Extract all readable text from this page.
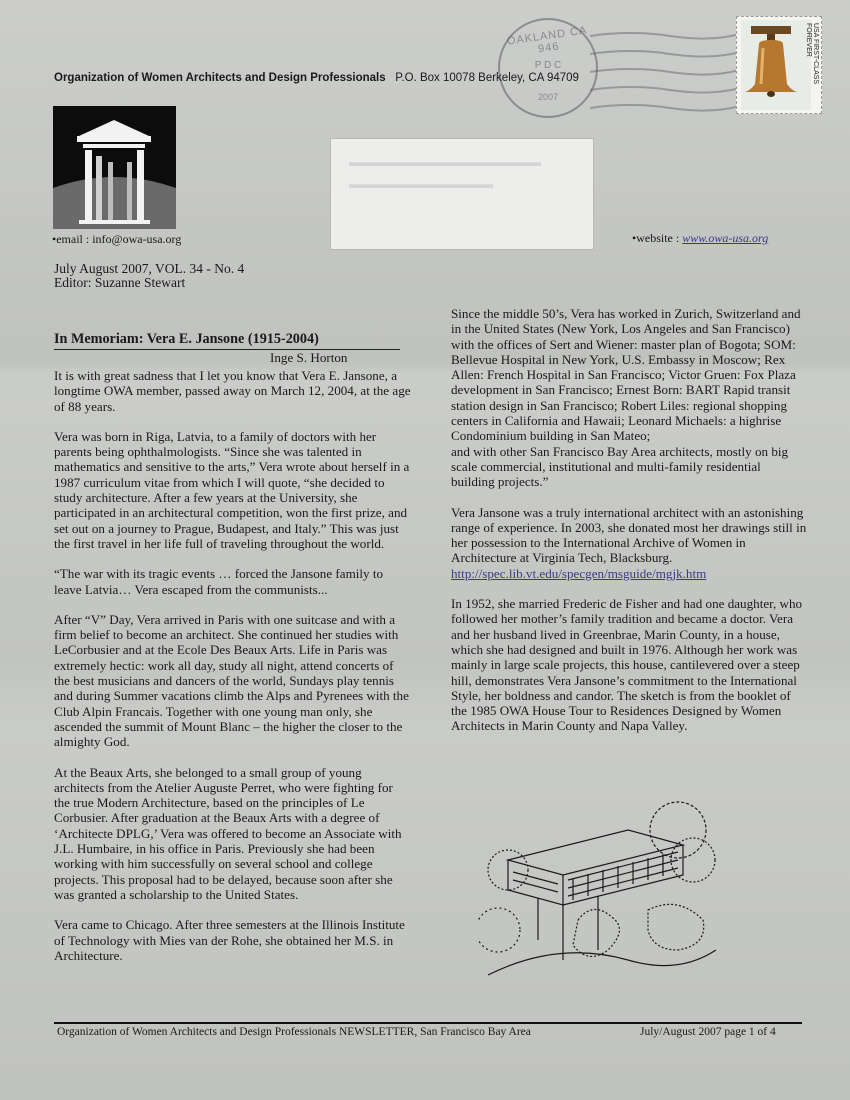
OAKLAND CA 946
P D C
2007
USA FIRST-CLASS FOREVER
Organization of Women Architects and Design Professionals P.O. Box 10078 Berkeley, CA 94709
•email : info@owa-usa.org	•website : www.owa-usa.org
▬▬▬▬▬▬▬▬▬▬▬▬▬▬▬▬
▬▬▬▬▬▬▬▬▬▬▬▬
July August 2007, VOL. 34 - No. 4
Editor: Suzanne Stewart
In Memoriam: Vera E. Jansone (1915-2004)
Inge S. Horton

It is with great sadness that I let you know that Vera E. Jansone, a longtime OWA member, passed away on March 12, 2004, at the age of 88 years.

Vera was born in Riga, Latvia, to a family of doctors with her parents being ophthalmologists. “Since she was talented in mathematics and sensitive to the arts,” Vera wrote about herself in a 1987 curriculum vitae from which I will quote, “she decided to study architecture. After a few years at the University, she participated in an architectural competition, won the first prize, and set out on a journey to Prague, Budapest, and Italy.” This was just the first travel in her life full of traveling throughout the world.

“The war with its tragic events … forced the Jansone family to leave Latvia… Vera escaped from the communists...

After “V” Day, Vera arrived in Paris with one suitcase and with a firm belief to become an architect. She continued her studies with LeCorbusier and at the Ecole Des Beaux Arts. Life in Paris was extremely hectic: work all day, study all night, attend concerts of the best musicians and dancers of the world, Sundays play tennis and during Summer vacations climb the Alps and Pyrenees with the Club Alpin Francais. Together with one young man only, she ascended the summit of Mount Blanc – the higher the closer to the almighty God.

At the Beaux Arts, she belonged to a small group of young architects from the Atelier Auguste Perret, who were fighting for the true Modern Architecture, based on the principles of Le Corbusier. After graduation at the Beaux Arts with a degree of ‘Architecte DPLG,’ Vera was offered to become an Associate with J.L. Humbaire, in his office in Paris. Previously she had been working with him successfully on several school and college projects. This proposal had to be delayed, because soon after she was granted a scholarship to the United States.

Vera came to Chicago. After three semesters at the Illinois Institute of Technology with Mies van der Rohe, she obtained her M.S. in Architecture.

Since the middle 50’s, Vera has worked in Zurich, Switzerland and in the United States (New York, Los Angeles and San Francisco) with the offices of Sert and Wiener: master plan of Bogota; SOM: Bellevue Hospital in New York, U.S. Embassy in Moscow; Rex Allen: French Hospital in San Francisco; Victor Gruen: Fox Plaza development in San Francisco; Ernest Born: BART Rapid transit station design in San Francisco; Robert Liles: regional shopping centers in California and Hawaii; Leonard Michaels: a highrise Condominium building in San Mateo;

and with other San Francisco Bay Area architects, mostly on big scale commercial, institutional and multi-family residential building projects.”

Vera Jansone was a truly international architect with an astonishing range of experience. In 2003, she donated most her drawings still in her possession to the International Archive of Women in Architecture at Virginia Tech, Blacksburg. http://spec.lib.vt.edu/specgen/msguide/mgjk.htm

In 1952, she married Frederic de Fisher and had one daughter, who followed her mother’s family tradition and became a doctor. Vera and her husband lived in Greenbrae, Marin County, in a house, which she had designed and built in 1976. Although her work was mainly in large scale projects, this house, cantilevered over a steep hill, demonstrates Vera Jansone’s commitment to the International Style, her boldness and candor. The sketch is from the booklet of the 1985 OWA House Tour to Residences Designed by Women Architects in Marin County and Napa Valley.

Organization of Women Architects and Design Professionals NEWSLETTER, San Francisco Bay Area	July/August 2007 page 1 of 4
